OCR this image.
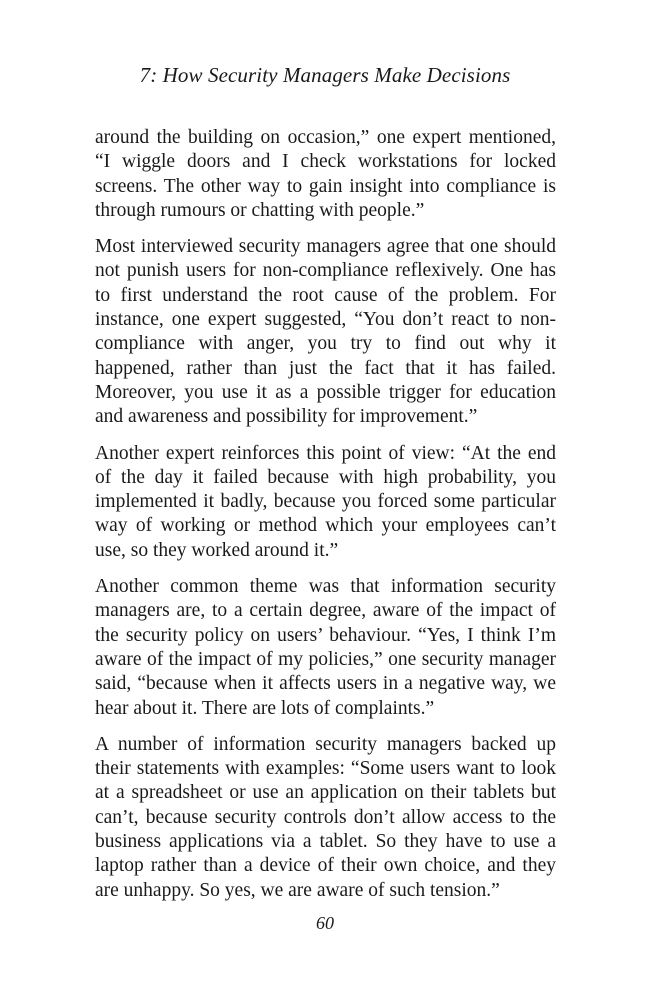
7: How Security Managers Make Decisions

around the building on occasion,” one expert mentioned, “I wiggle doors and I check workstations for locked screens. The other way to gain insight into compliance is through rumours or chatting with people.”

Most interviewed security managers agree that one should not punish users for non-compliance reflexively. One has to first understand the root cause of the problem. For instance, one expert suggested, “You don’t react to non-compliance with anger, you try to find out why it happened, rather than just the fact that it has failed. Moreover, you use it as a possible trigger for education and awareness and possibility for improvement.”

Another expert reinforces this point of view: “At the end of the day it failed because with high probability, you implemented it badly, because you forced some particular way of working or method which your employees can’t use, so they worked around it.”

Another common theme was that information security managers are, to a certain degree, aware of the impact of the security policy on users’ behaviour. “Yes, I think I’m aware of the impact of my policies,” one security manager said, “because when it affects users in a negative way, we hear about it. There are lots of complaints.”

A number of information security managers backed up their statements with examples: “Some users want to look at a spreadsheet or use an application on their tablets but can’t, because security controls don’t allow access to the business applications via a tablet. So they have to use a laptop rather than a device of their own choice, and they are unhappy. So yes, we are aware of such tension.”

60
